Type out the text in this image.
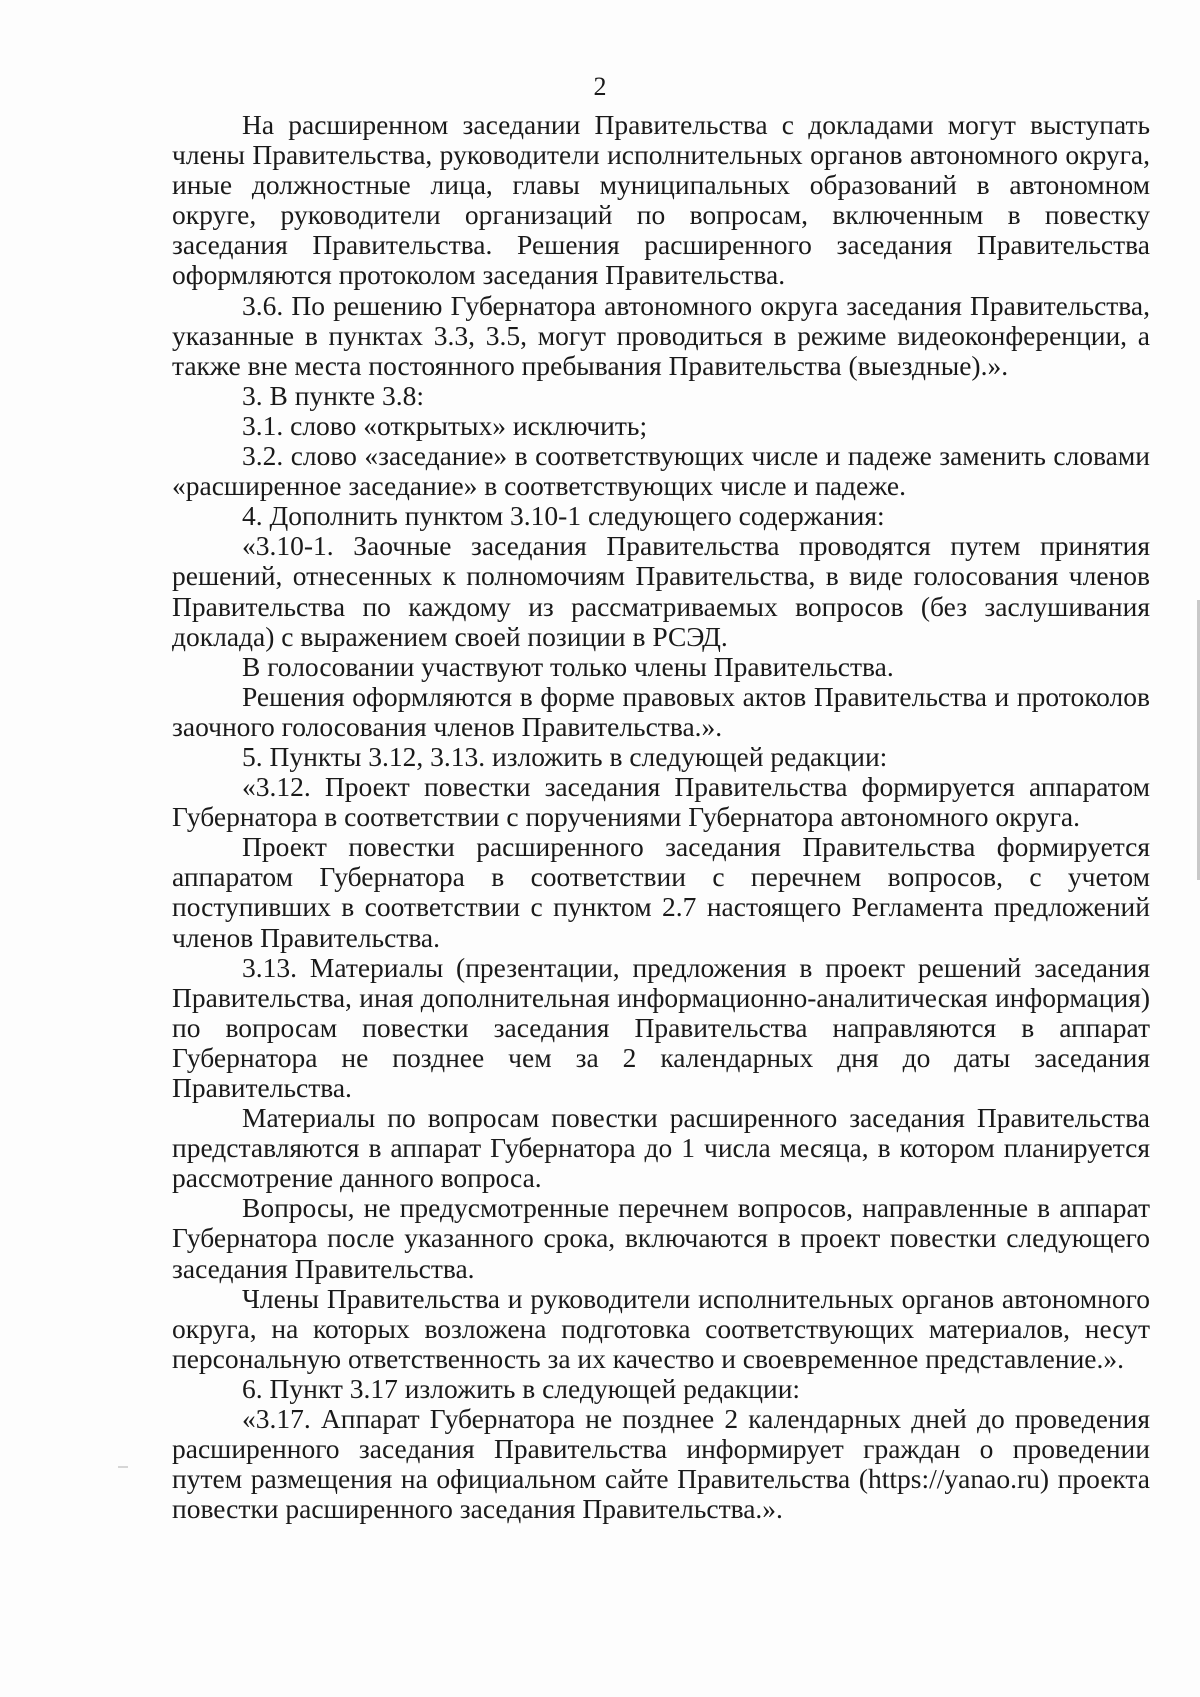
2

На расширенном заседании Правительства с докладами могут выступать члены Правительства, руководители исполнительных органов автономного округа, иные должностные лица, главы муниципальных образований в автономном округе, руководители организаций по вопросам, включенным в повестку заседания Правительства. Решения расширенного заседания Правительства оформляются протоколом заседания Правительства.

3.6. По решению Губернатора автономного округа заседания Правительства, указанные в пунктах 3.3, 3.5, могут проводиться в режиме видеоконференции, а также вне места постоянного пребывания Правительства (выездные).».

3. В пункте 3.8:

3.1. слово «открытых» исключить;

3.2. слово «заседание» в соответствующих числе и падеже заменить словами «расширенное заседание» в соответствующих числе и падеже.

4. Дополнить пунктом 3.10-1 следующего содержания:

«3.10-1. Заочные заседания Правительства проводятся путем принятия решений, отнесенных к полномочиям Правительства, в виде голосования членов Правительства по каждому из рассматриваемых вопросов (без заслушивания доклада) с выражением своей позиции в РСЭД.

В голосовании участвуют только члены Правительства.

Решения оформляются в форме правовых актов Правительства и протоколов заочного голосования членов Правительства.».

5. Пункты 3.12, 3.13. изложить в следующей редакции:

«3.12. Проект повестки заседания Правительства формируется аппаратом Губернатора в соответствии с поручениями Губернатора автономного округа.

Проект повестки расширенного заседания Правительства формируется аппаратом Губернатора в соответствии с перечнем вопросов, с учетом поступивших в соответствии с пунктом 2.7 настоящего Регламента предложений членов Правительства.

3.13. Материалы (презентации, предложения в проект решений заседания Правительства, иная дополнительная информационно-аналитическая информация) по вопросам повестки заседания Правительства направляются в аппарат Губернатора не позднее чем за 2 календарных дня до даты заседания Правительства.

Материалы по вопросам повестки расширенного заседания Правительства представляются в аппарат Губернатора до 1 числа месяца, в котором планируется рассмотрение данного вопроса.

Вопросы, не предусмотренные перечнем вопросов, направленные в аппарат Губернатора после указанного срока, включаются в проект повестки следующего заседания Правительства.

Члены Правительства и руководители исполнительных органов автономного округа, на которых возложена подготовка соответствующих материалов, несут персональную ответственность за их качество и своевременное представление.».

6. Пункт 3.17 изложить в следующей редакции:

«3.17. Аппарат Губернатора не позднее 2 календарных дней до проведения расширенного заседания Правительства информирует граждан о проведении путем размещения на официальном сайте Правительства (https://yanao.ru) проекта повестки расширенного заседания Правительства.».
